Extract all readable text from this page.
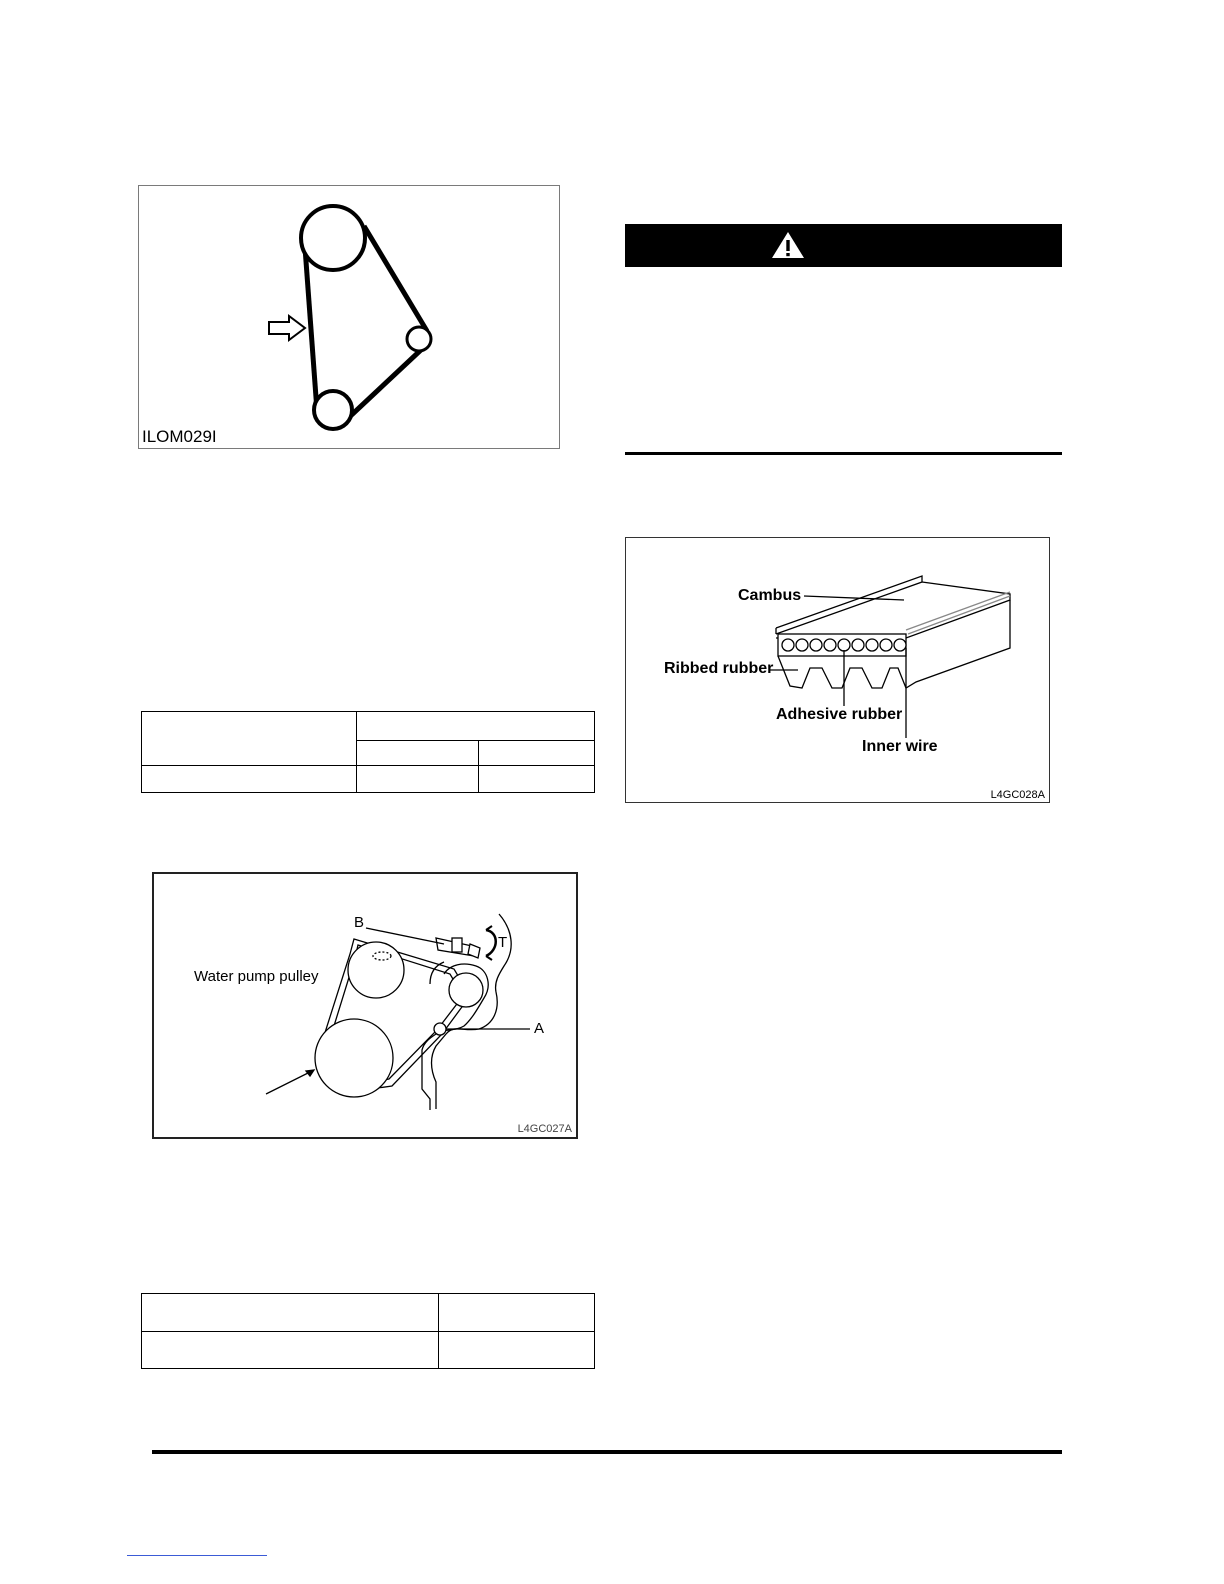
ILOM029I

Water pump pulley
B
T
A
L4GC027A

Cambus
Ribbed rubber
Adhesive rubber
Inner wire
L4GC028A
